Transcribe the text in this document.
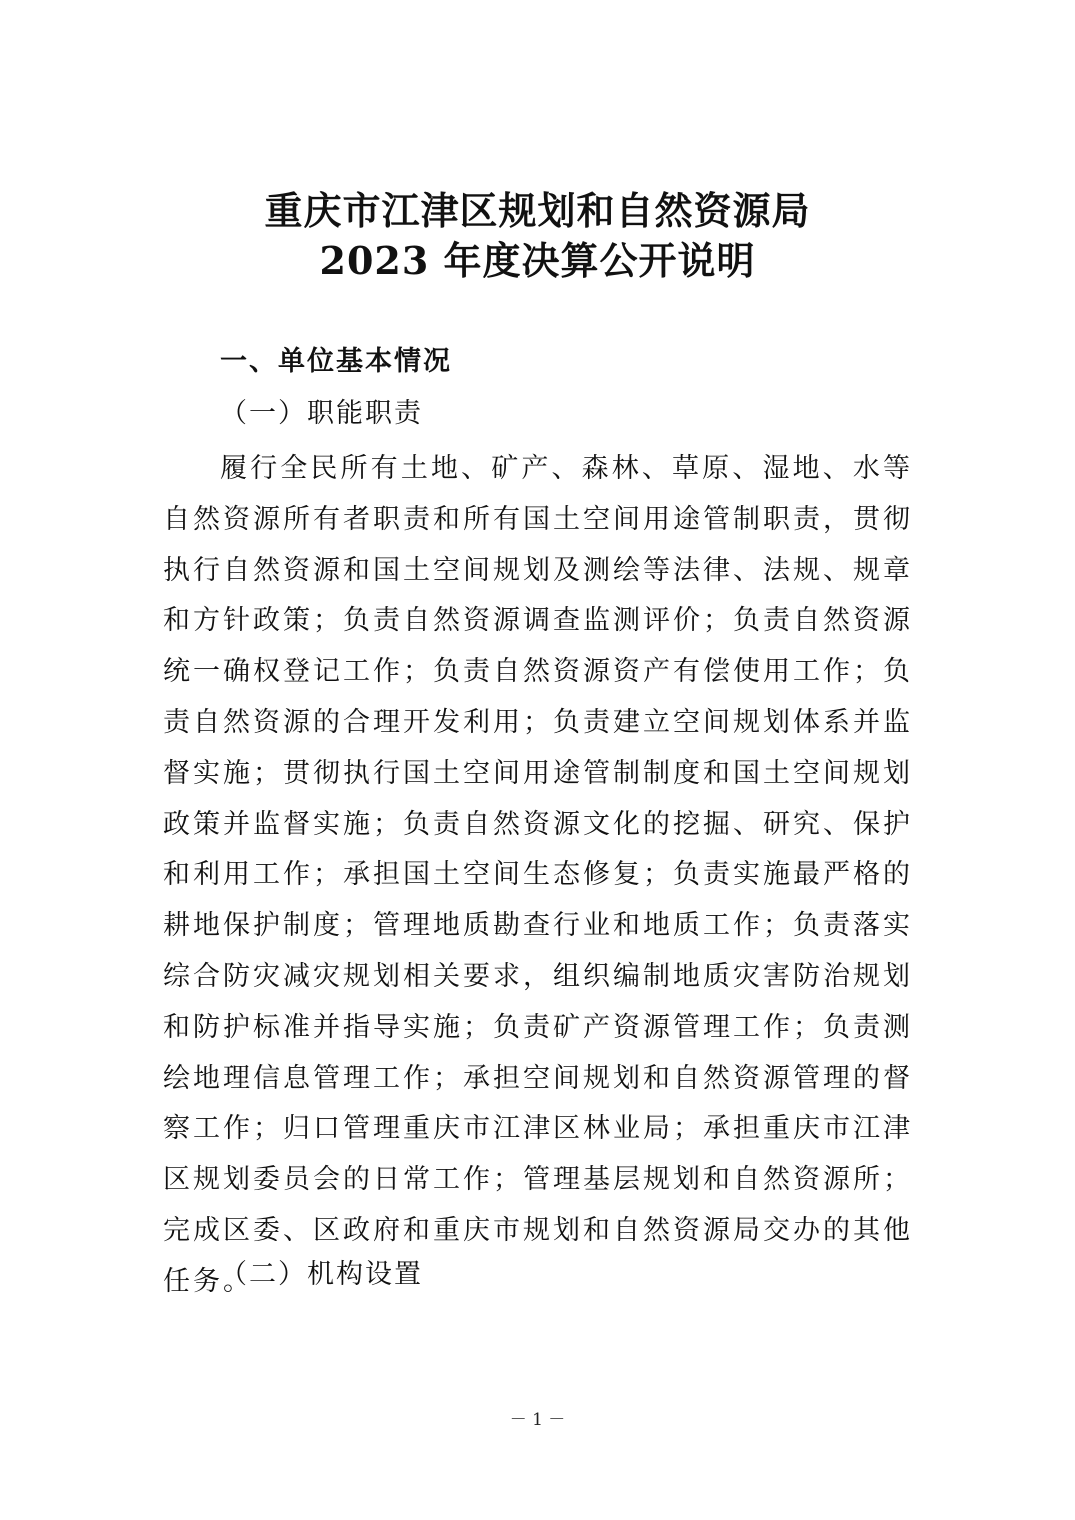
重庆市江津区规划和自然资源局
2023 年度决算公开说明
一、单位基本情况
（一）职能职责

履行全民所有土地、矿产、森林、草原、湿地、水等自然资源所有者职责和所有国土空间用途管制职责，贯彻执行自然资源和国土空间规划及测绘等法律、法规、规章和方针政策；负责自然资源调查监测评价；负责自然资源统一确权登记工作；负责自然资源资产有偿使用工作；负责自然资源的合理开发利用；负责建立空间规划体系并监督实施；贯彻执行国土空间用途管制制度和国土空间规划政策并监督实施；负责自然资源文化的挖掘、研究、保护和利用工作；承担国土空间生态修复；负责实施最严格的耕地保护制度；管理地质勘查行业和地质工作；负责落实综合防灾减灾规划相关要求，组织编制地质灾害防治规划和防护标准并指导实施；负责矿产资源管理工作；负责测绘地理信息管理工作；承担空间规划和自然资源管理的督察工作；归口管理重庆市江津区林业局；承担重庆市江津区规划委员会的日常工作；管理基层规划和自然资源所；完成区委、区政府和重庆市规划和自然资源局交办的其他任务。

（二）机构设置
－ 1 －
